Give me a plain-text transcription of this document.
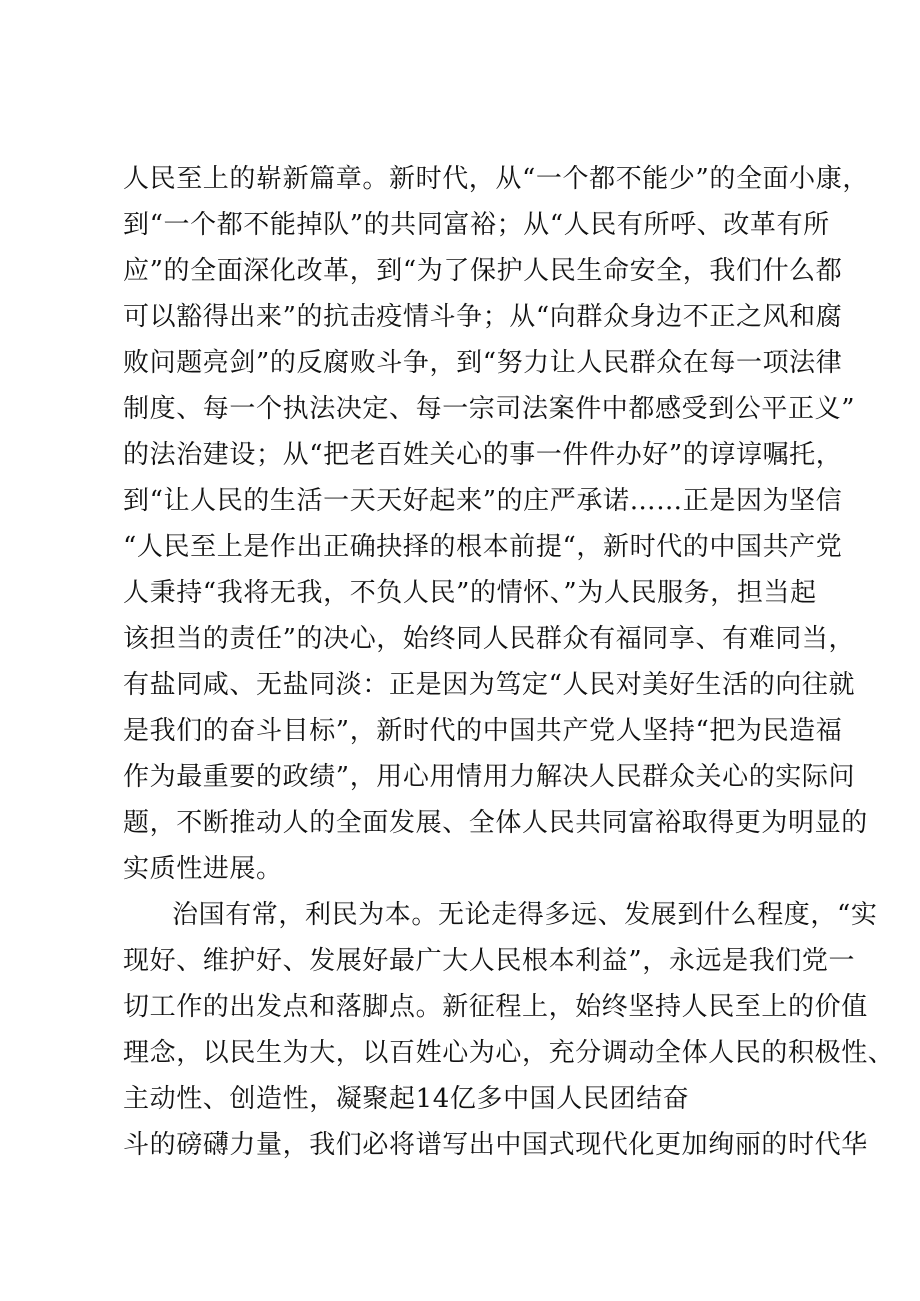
人民至上的崭新篇章。新时代，从“一个都不能少”的全面小康，
到“一个都不能掉队”的共同富裕；从“人民有所呼、改革有所
应”的全面深化改革，到“为了保护人民生命安全，我们什么都
可以豁得出来”的抗击疫情斗争；从“向群众身边不正之风和腐
败问题亮剑”的反腐败斗争，到“努力让人民群众在每一项法律
制度、每一个执法决定、每一宗司法案件中都感受到公平正义”
的法治建设；从“把老百姓关心的事一件件办好”的谆谆嘱托，
到“让人民的生活一天天好起来”的庄严承诺……正是因为坚信
“人民至上是作出正确抉择的根本前提“，新时代的中国共产党
人秉持“我将无我，不负人民”的情怀、”为人民服务，担当起
该担当的责任”的决心，始终同人民群众有福同享、有难同当，
有盐同咸、无盐同淡：正是因为笃定“人民对美好生活的向往就
是我们的奋斗目标”，新时代的中国共产党人坚持“把为民造福
作为最重要的政绩”，用心用情用力解决人民群众关心的实际问
题，不断推动人的全面发展、全体人民共同富裕取得更为明显的
实质性进展。
治国有常，利民为本。无论走得多远、发展到什么程度，“实
现好、维护好、发展好最广大人民根本利益”，永远是我们党一
切工作的出发点和落脚点。新征程上，始终坚持人民至上的价值
理念，以民生为大，以百姓心为心，充分调动全体人民的积极性、
主动性、创造性，凝聚起14亿多中国人民团结奋
斗的磅礴力量，我们必将谱写出中国式现代化更加绚丽的时代华
